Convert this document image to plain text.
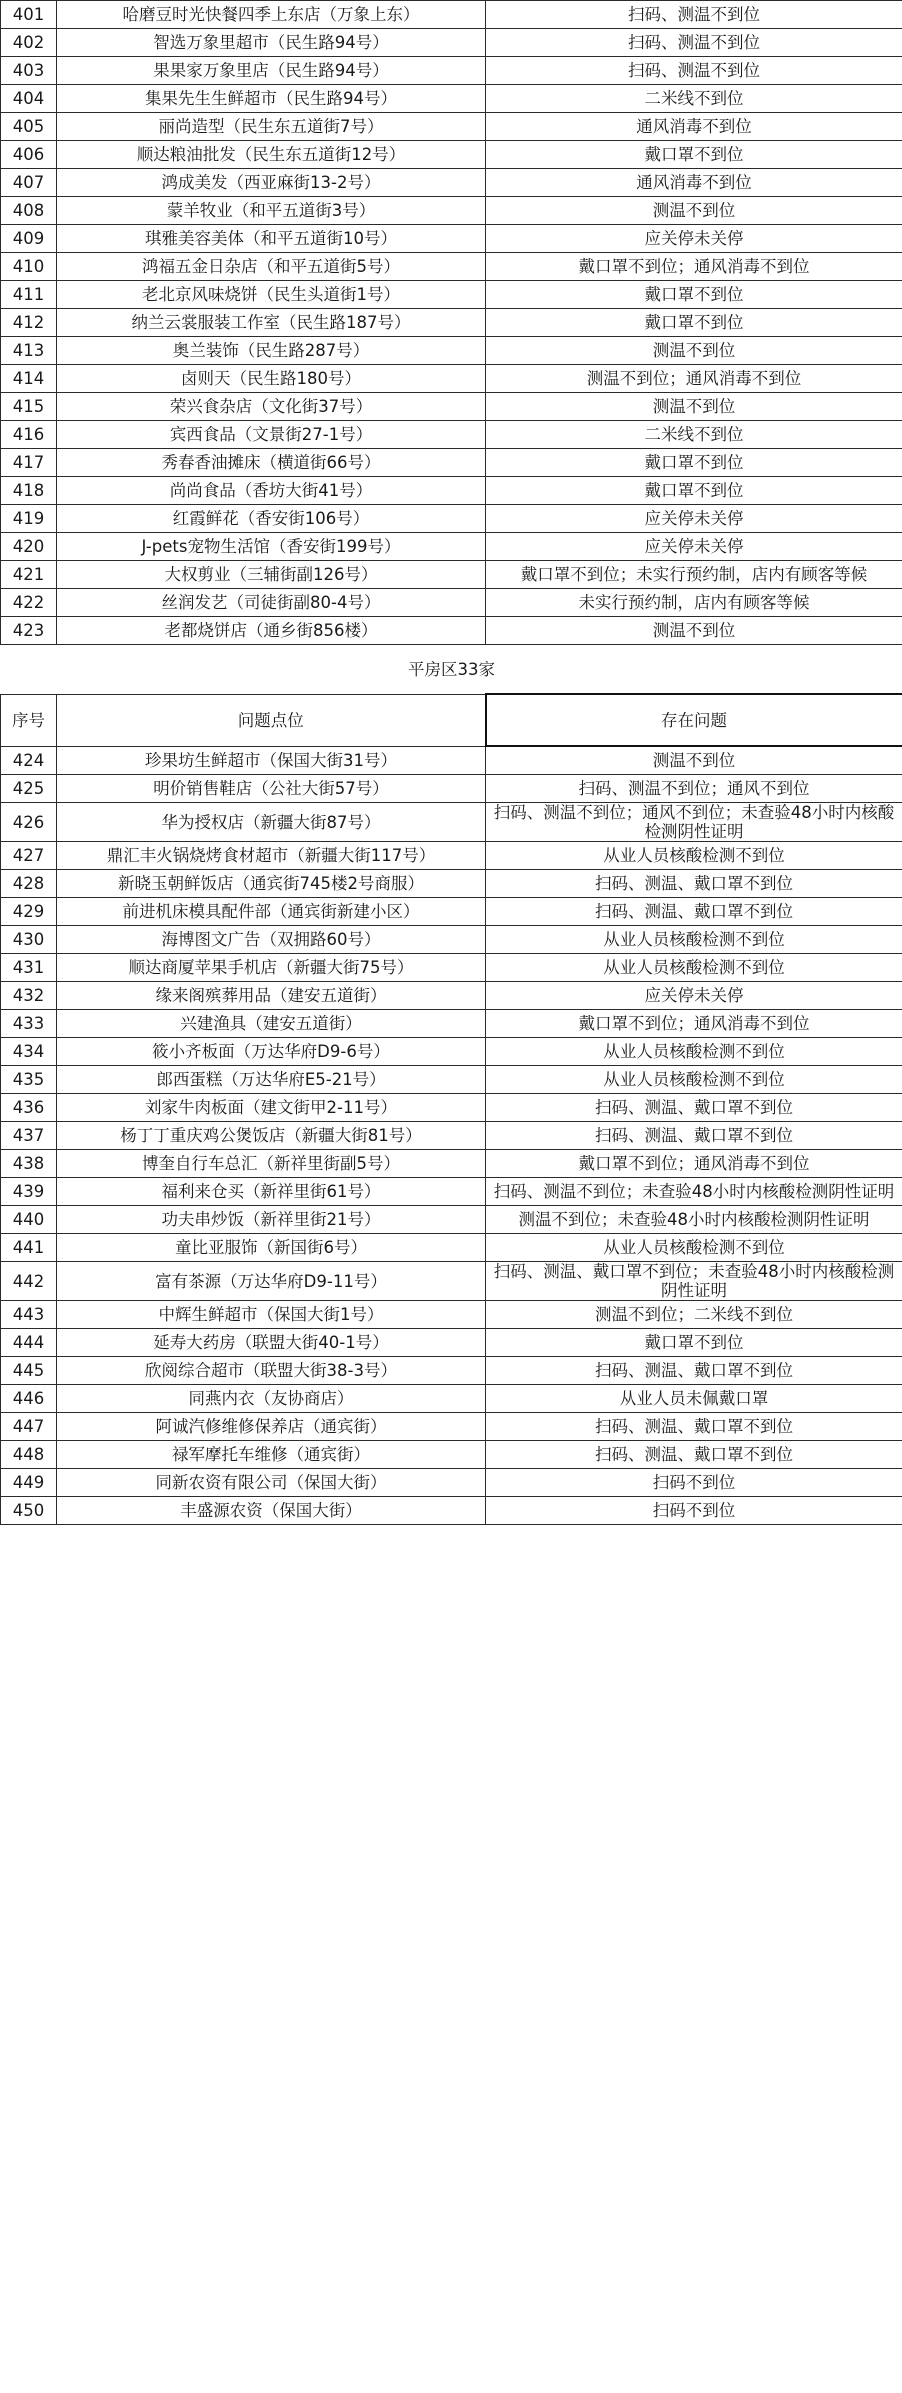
401	哈磨豆时光快餐四季上东店（万象上东）	扫码、测温不到位
402	智选万象里超市（民生路94号）	扫码、测温不到位
403	果果家万象里店（民生路94号）	扫码、测温不到位
404	集果先生生鲜超市（民生路94号）	二米线不到位
405	丽尚造型（民生东五道街7号）	通风消毒不到位
406	顺达粮油批发（民生东五道街12号）	戴口罩不到位
407	鸿成美发（西亚麻街13-2号）	通风消毒不到位
408	蒙羊牧业（和平五道街3号）	测温不到位
409	琪雅美容美体（和平五道街10号）	应关停未关停
410	鸿福五金日杂店（和平五道街5号）	戴口罩不到位；通风消毒不到位
411	老北京风味烧饼（民生头道街1号）	戴口罩不到位
412	纳兰云裳服装工作室（民生路187号）	戴口罩不到位
413	奥兰装饰（民生路287号）	测温不到位
414	卤则天（民生路180号）	测温不到位；通风消毒不到位
415	荣兴食杂店（文化街37号）	测温不到位
416	宾西食品（文景街27-1号）	二米线不到位
417	秀春香油摊床（横道街66号）	戴口罩不到位
418	尚尚食品（香坊大街41号）	戴口罩不到位
419	红霞鲜花（香安街106号）	应关停未关停
420	J-pets宠物生活馆（香安街199号）	应关停未关停
421	大权剪业（三辅街副126号）	戴口罩不到位；未实行预约制，店内有顾客等候
422	丝润发艺（司徒街副80-4号）	未实行预约制，店内有顾客等候
423	老都烧饼店（通乡街856楼）	测温不到位
平房区33家		
序号	问题点位	存在问题
424	珍果坊生鲜超市（保国大街31号）	测温不到位
425	明价销售鞋店（公社大街57号）	扫码、测温不到位；通风不到位
426	华为授权店（新疆大街87号）	扫码、测温不到位；通风不到位；未查验48小时内核酸检测阴性证明
427	鼎汇丰火锅烧烤食材超市（新疆大街117号）	从业人员核酸检测不到位
428	新晓玉朝鲜饭店（通宾街745楼2号商服）	扫码、测温、戴口罩不到位
429	前进机床模具配件部（通宾街新建小区）	扫码、测温、戴口罩不到位
430	海博图文广告（双拥路60号）	从业人员核酸检测不到位
431	顺达商厦苹果手机店（新疆大街75号）	从业人员核酸检测不到位
432	缘来阁殡葬用品（建安五道街）	应关停未关停
433	兴建渔具（建安五道街）	戴口罩不到位；通风消毒不到位
434	筱小齐板面（万达华府D9-6号）	从业人员核酸检测不到位
435	郎西蛋糕（万达华府E5-21号）	从业人员核酸检测不到位
436	刘家牛肉板面（建文街甲2-11号）	扫码、测温、戴口罩不到位
437	杨丁丁重庆鸡公煲饭店（新疆大街81号）	扫码、测温、戴口罩不到位
438	博奎自行车总汇（新祥里街副5号）	戴口罩不到位；通风消毒不到位
439	福利来仓买（新祥里街61号）	扫码、测温不到位；未查验48小时内核酸检测阴性证明
440	功夫串炒饭（新祥里街21号）	测温不到位；未查验48小时内核酸检测阴性证明
441	童比亚服饰（新国街6号）	从业人员核酸检测不到位
442	富有茶源（万达华府D9-11号）	扫码、测温、戴口罩不到位；未查验48小时内核酸检测阴性证明
443	中辉生鲜超市（保国大街1号）	测温不到位；二米线不到位
444	延寿大药房（联盟大街40-1号）	戴口罩不到位
445	欣阅综合超市（联盟大街38-3号）	扫码、测温、戴口罩不到位
446	同燕内衣（友协商店）	从业人员未佩戴口罩
447	阿诚汽修维修保养店（通宾街）	扫码、测温、戴口罩不到位
448	禄军摩托车维修（通宾街）	扫码、测温、戴口罩不到位
449	同新农资有限公司（保国大街）	扫码不到位
450	丰盛源农资（保国大街）	扫码不到位
